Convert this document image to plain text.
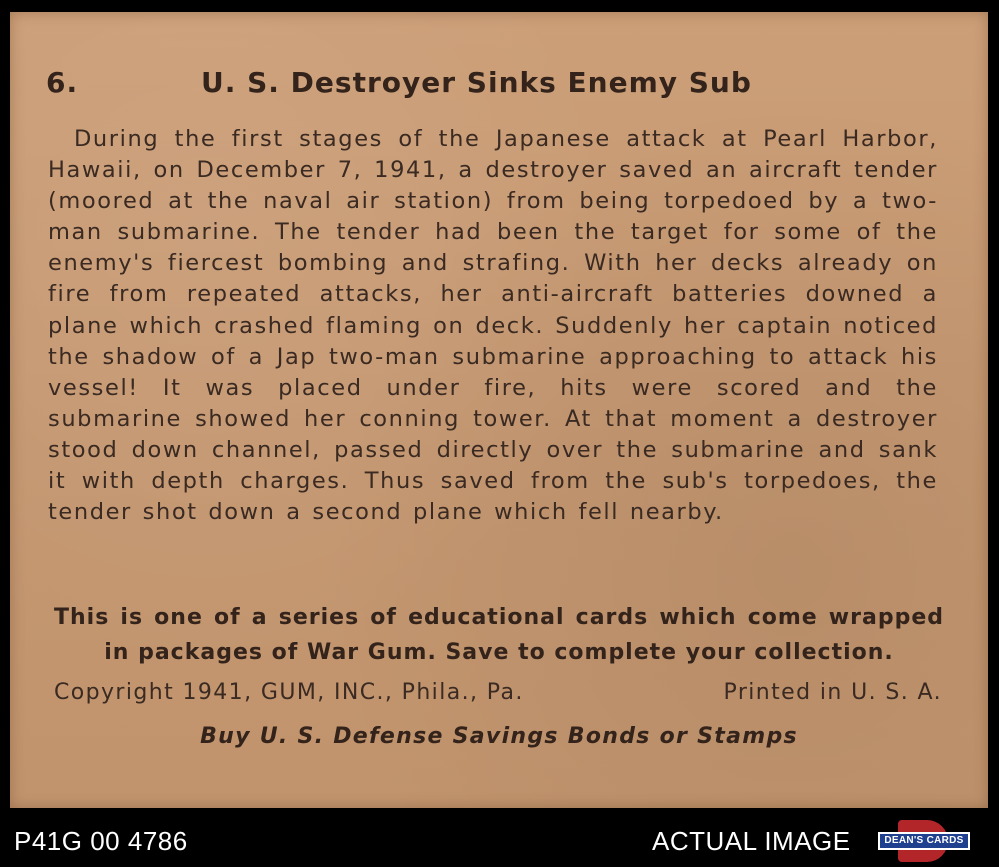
6.	U. S. Destroyer Sinks Enemy Sub

During the first stages of the Japanese attack at Pearl Harbor, Hawaii, on December 7, 1941, a destroyer saved an aircraft tender (moored at the naval air station) from being torpedoed by a two-man submarine. The tender had been the target for some of the enemy's fiercest bombing and strafing. With her decks already on fire from repeated attacks, her anti-aircraft batteries downed a plane which crashed flaming on deck. Suddenly her captain noticed the shadow of a Jap two-man submarine approaching to attack his vessel! It was placed under fire, hits were scored and the submarine showed her conning tower. At that moment a destroyer stood down channel, passed directly over the submarine and sank it with depth charges. Thus saved from the sub's torpedoes, the tender shot down a second plane which fell nearby.

This is one of a series of educational cards which come wrapped
in packages of War Gum. Save to complete your collection.
Copyright 1941, GUM, INC., Phila., Pa.	Printed in U. S. A.
Buy U. S. Defense Savings Bonds or Stamps
P41G 00 4786	ACTUAL IMAGE	DEAN'S CARDS
